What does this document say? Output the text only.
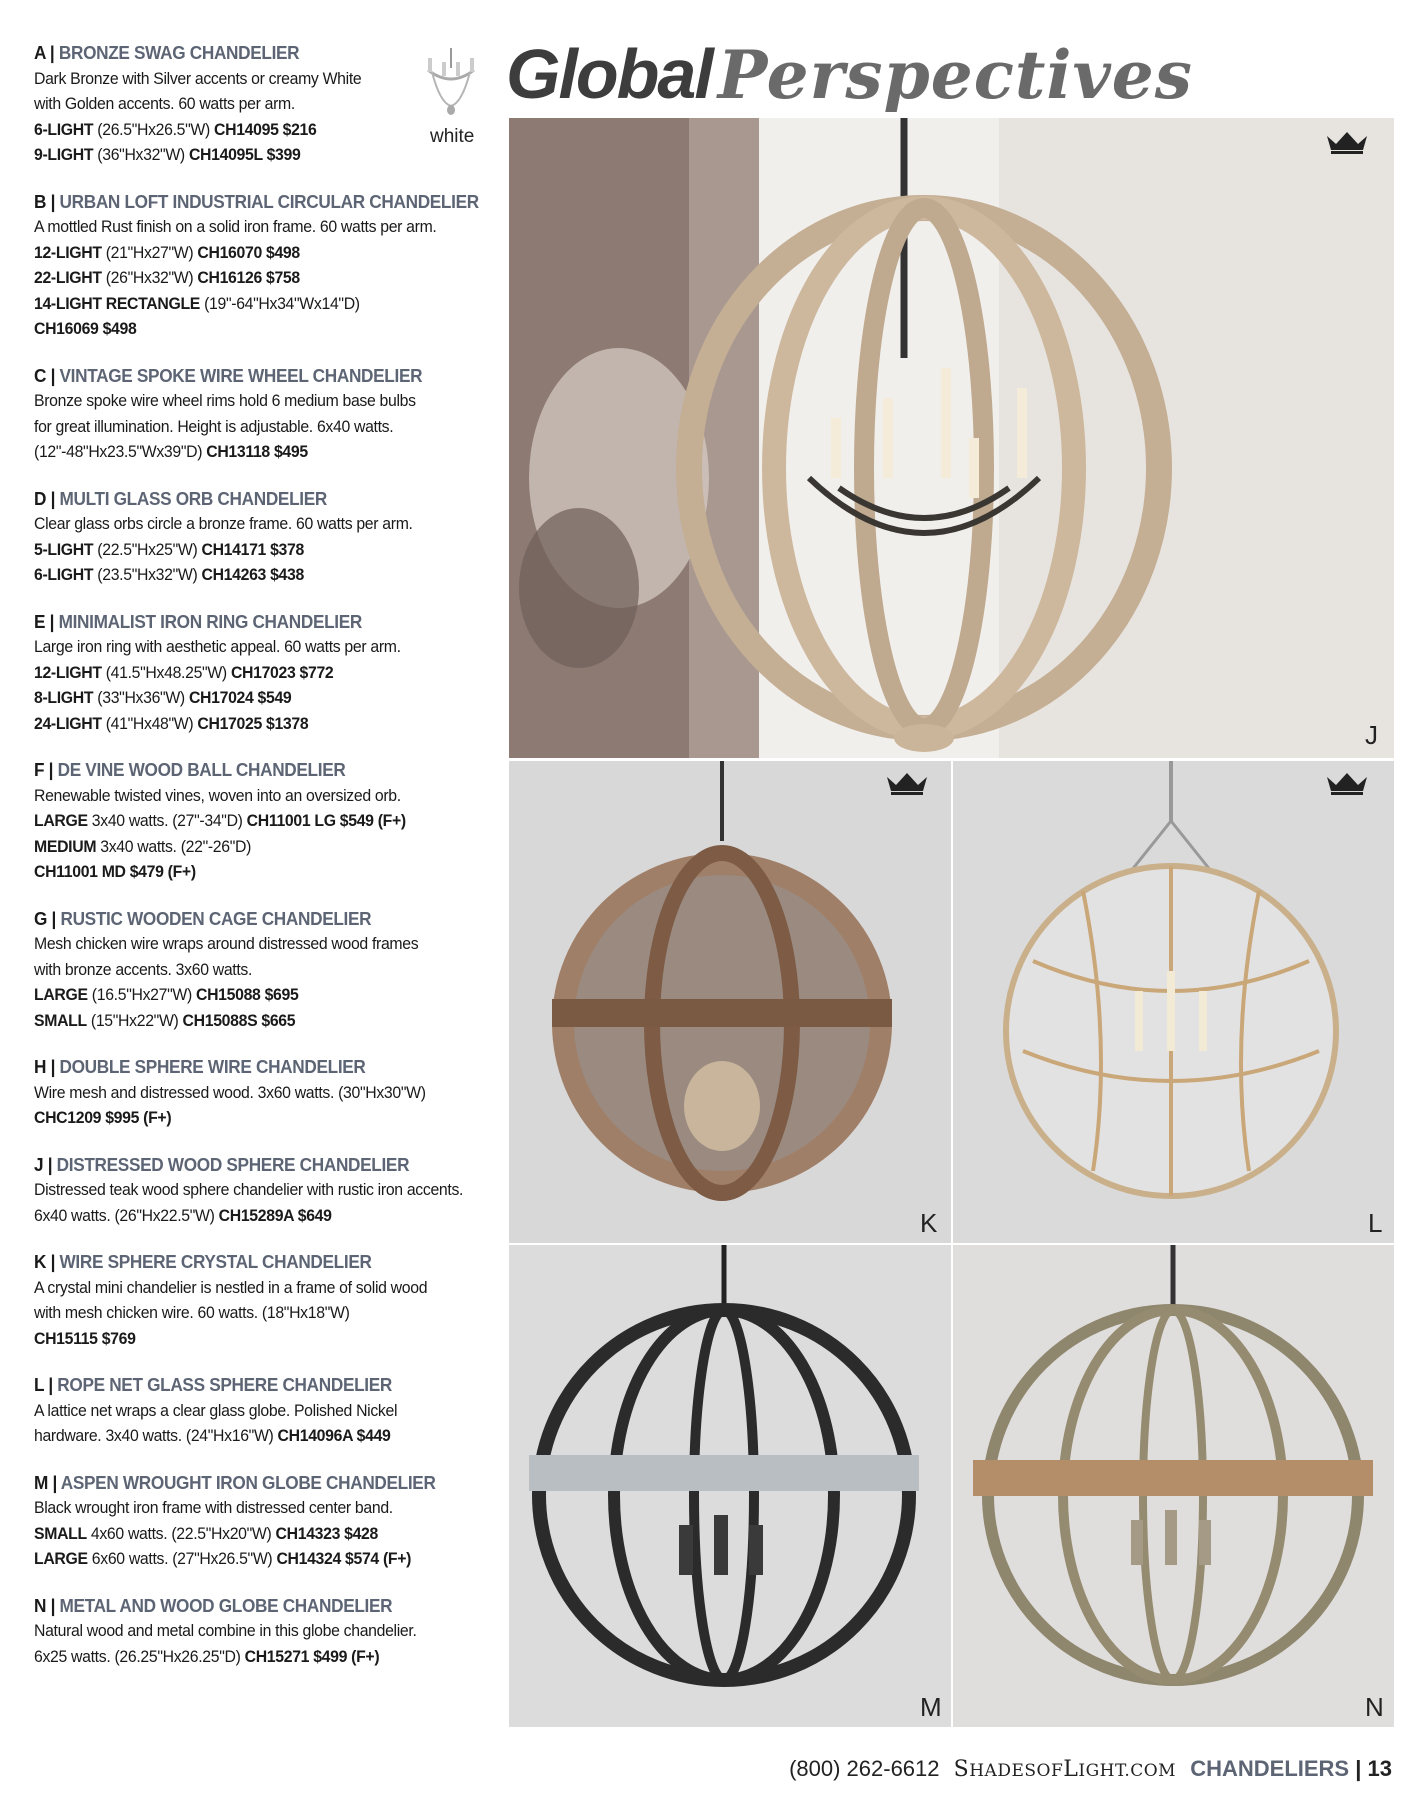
A | BRONZE SWAG CHANDELIER
Dark Bronze with Silver accents or creamy White
with Golden accents. 60 watts per arm.
6-LIGHT (26.5"Hx26.5"W) CH14095 $216
9-LIGHT (36"Hx32"W) CH14095L $399
B | URBAN LOFT INDUSTRIAL CIRCULAR CHANDELIER
A mottled Rust finish on a solid iron frame. 60 watts per arm.
12-LIGHT (21"Hx27"W) CH16070 $498
22-LIGHT (26"Hx32"W) CH16126 $758
14-LIGHT RECTANGLE (19"-64"Hx34"Wx14"D)
CH16069 $498
C | VINTAGE SPOKE WIRE WHEEL CHANDELIER
Bronze spoke wire wheel rims hold 6 medium base bulbs
for great illumination. Height is adjustable. 6x40 watts.
(12"-48"Hx23.5"Wx39"D) CH13118 $495
D | MULTI GLASS ORB CHANDELIER
Clear glass orbs circle a bronze frame. 60 watts per arm.
5-LIGHT (22.5"Hx25"W) CH14171 $378
6-LIGHT (23.5"Hx32"W) CH14263 $438
E | MINIMALIST IRON RING CHANDELIER
Large iron ring with aesthetic appeal. 60 watts per arm.
12-LIGHT (41.5"Hx48.25"W) CH17023 $772
8-LIGHT (33"Hx36"W) CH17024 $549
24-LIGHT (41"Hx48"W) CH17025 $1378
F | DE VINE WOOD BALL CHANDELIER
Renewable twisted vines, woven into an oversized orb.
LARGE 3x40 watts. (27"-34"D) CH11001 LG $549 (F+)
MEDIUM 3x40 watts. (22"-26"D)
CH11001 MD $479 (F+)
G | RUSTIC WOODEN CAGE CHANDELIER
Mesh chicken wire wraps around distressed wood frames
with bronze accents. 3x60 watts.
LARGE (16.5"Hx27"W) CH15088 $695
SMALL (15"Hx22"W) CH15088S $665
H | DOUBLE SPHERE WIRE CHANDELIER
Wire mesh and distressed wood. 3x60 watts. (30"Hx30"W)
CHC1209 $995 (F+)
J | DISTRESSED WOOD SPHERE CHANDELIER
Distressed teak wood sphere chandelier with rustic iron accents.
6x40 watts. (26"Hx22.5"W) CH15289A $649
K | WIRE SPHERE CRYSTAL CHANDELIER
A crystal mini chandelier is nestled in a frame of solid wood
with mesh chicken wire. 60 watts. (18"Hx18"W)
CH15115 $769
L | ROPE NET GLASS SPHERE CHANDELIER
A lattice net wraps a clear glass globe. Polished Nickel
hardware. 3x40 watts. (24"Hx16"W) CH14096A $449
M | ASPEN WROUGHT IRON GLOBE CHANDELIER
Black wrought iron frame with distressed center band.
SMALL 4x60 watts. (22.5"Hx20"W) CH14323 $428
LARGE 6x60 watts. (27"Hx26.5"W) CH14324 $574 (F+)
N | METAL AND WOOD GLOBE CHANDELIER
Natural wood and metal combine in this globe chandelier.
6x25 watts. (26.25"Hx26.25"D) CH15271 $499 (F+)
white
GlobalPerspectives
J
K	L
M	N
(800) 262-6612 SHADESOFLIGHT.COM CHANDELIERS | 13
